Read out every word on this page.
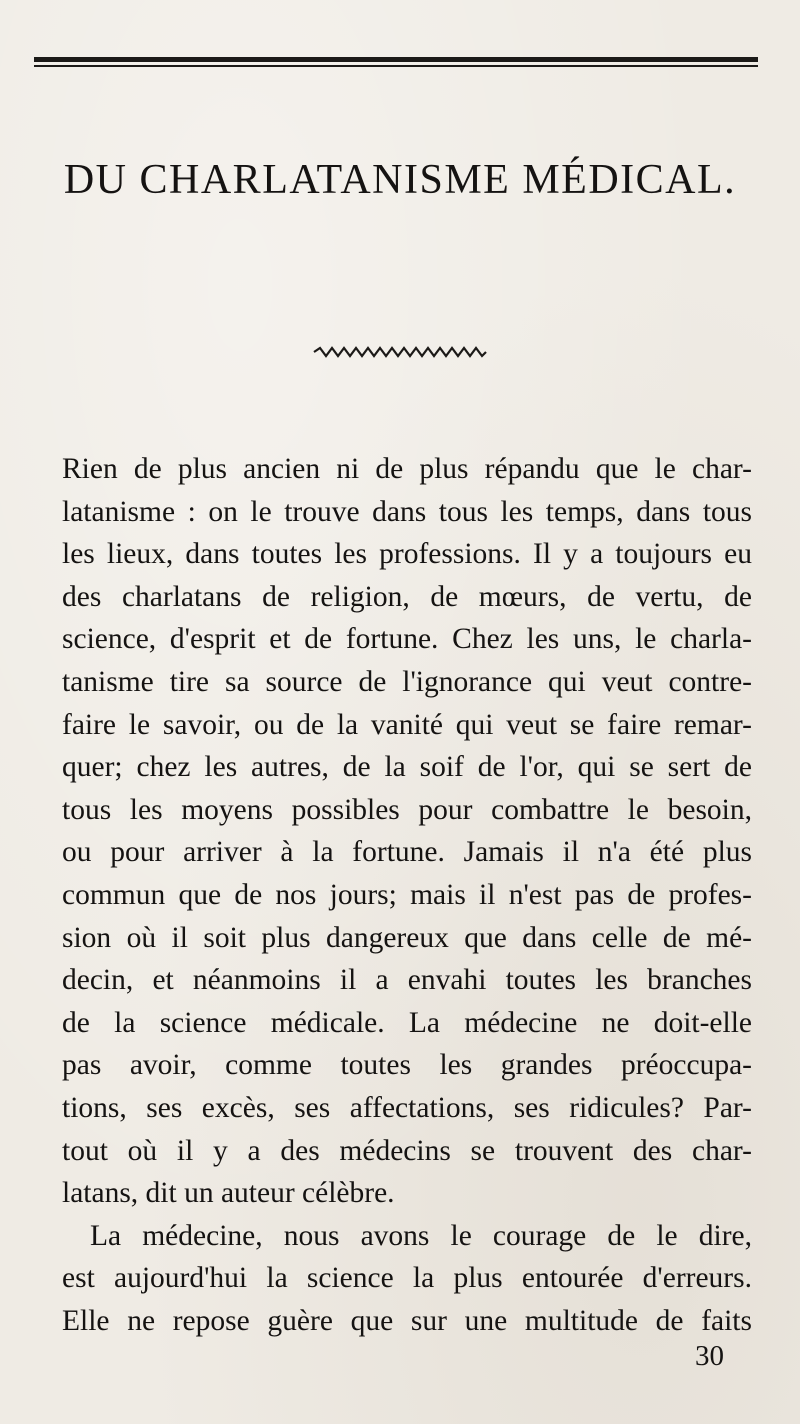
DU CHARLATANISME MÉDICAL.
Rien de plus ancien ni de plus répandu que le char-
latanisme : on le trouve dans tous les temps, dans tous
les lieux, dans toutes les professions. Il y a toujours eu
des charlatans de religion, de mœurs, de vertu, de
science, d'esprit et de fortune. Chez les uns, le charla-
tanisme tire sa source de l'ignorance qui veut contre-
faire le savoir, ou de la vanité qui veut se faire remar-
quer; chez les autres, de la soif de l'or, qui se sert de
tous les moyens possibles pour combattre le besoin,
ou pour arriver à la fortune. Jamais il n'a été plus
commun que de nos jours; mais il n'est pas de profes-
sion où il soit plus dangereux que dans celle de mé-
decin, et néanmoins il a envahi toutes les branches
de la science médicale. La médecine ne doit-elle
pas avoir, comme toutes les grandes préoccupa-
tions, ses excès, ses affectations, ses ridicules? Par-
tout où il y a des médecins se trouvent des char-
latans, dit un auteur célèbre.
La médecine, nous avons le courage de le dire,
est aujourd'hui la science la plus entourée d'erreurs.
Elle ne repose guère que sur une multitude de faits
30
